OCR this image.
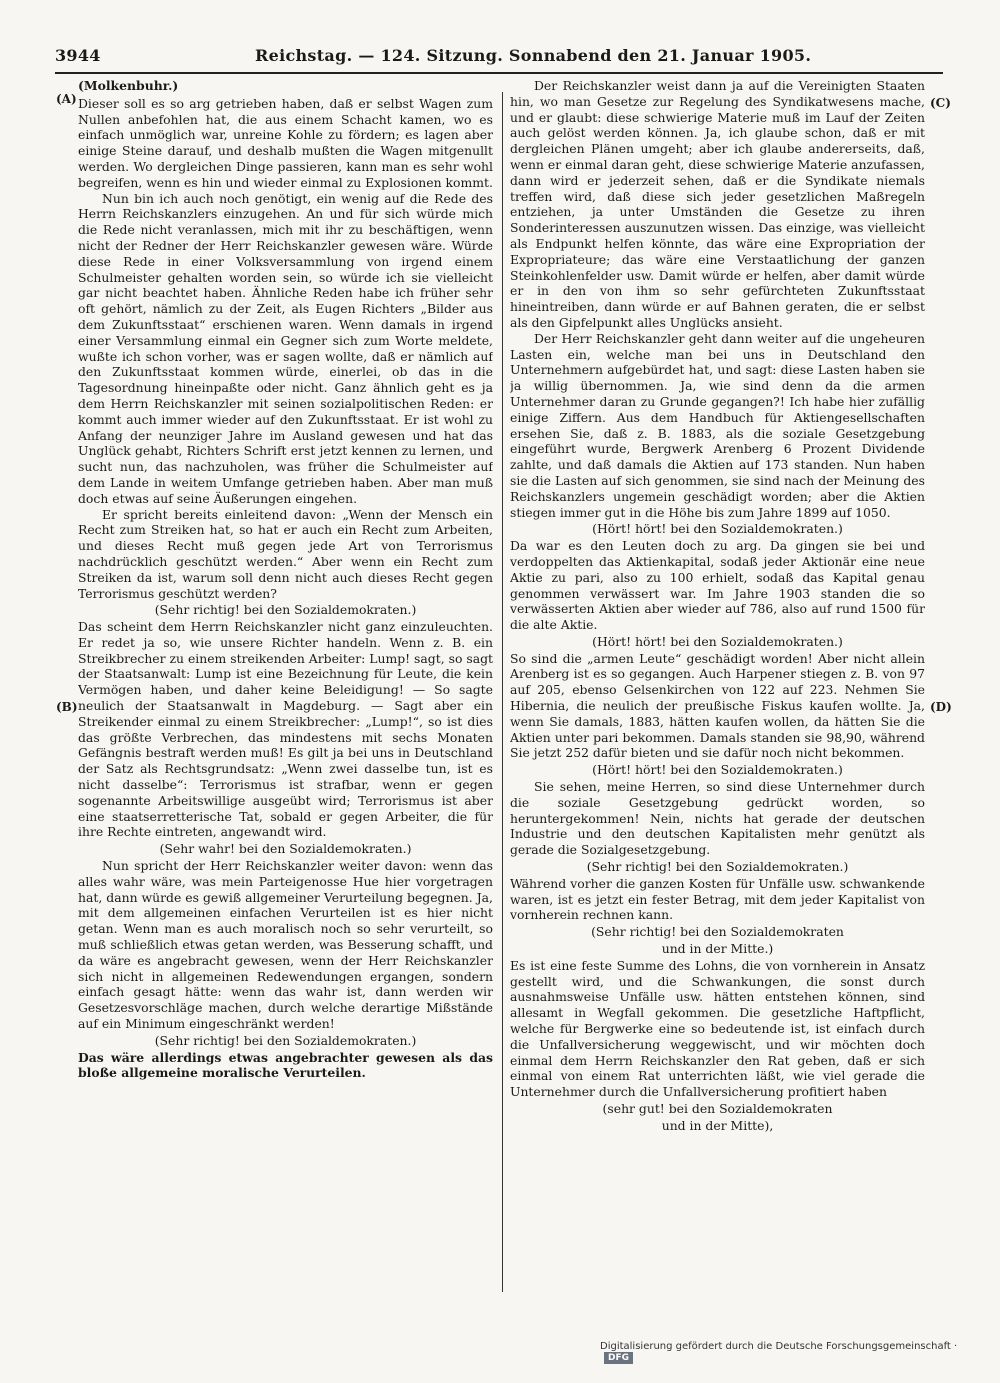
3944	Reichstag. — 124. Sitzung. Sonnabend den 21. Januar 1905.
(A)
(B)
(C)
(D)
(Molkenbuhr.)

Dieser soll es so arg getrieben haben, daß er selbst Wagen zum Nullen anbefohlen hat, die aus einem Schacht kamen, wo es einfach unmöglich war, unreine Kohle zu fördern; es lagen aber einige Steine darauf, und deshalb mußten die Wagen mitgenullt werden. Wo dergleichen Dinge passieren, kann man es sehr wohl begreifen, wenn es hin und wieder einmal zu Explosionen kommt.

Nun bin ich auch noch genötigt, ein wenig auf die Rede des Herrn Reichskanzlers einzugehen. An und für sich würde mich die Rede nicht veranlassen, mich mit ihr zu beschäftigen, wenn nicht der Redner der Herr Reichskanzler gewesen wäre. Würde diese Rede in einer Volksversammlung von irgend einem Schulmeister gehalten worden sein, so würde ich sie vielleicht gar nicht beachtet haben. Ähnliche Reden habe ich früher sehr oft gehört, nämlich zu der Zeit, als Eugen Richters „Bilder aus dem Zukunftsstaat“ erschienen waren. Wenn damals in irgend einer Versammlung einmal ein Gegner sich zum Worte meldete, wußte ich schon vorher, was er sagen wollte, daß er nämlich auf den Zukunftsstaat kommen würde, einerlei, ob das in die Tagesordnung hineinpaßte oder nicht. Ganz ähnlich geht es ja dem Herrn Reichskanzler mit seinen sozialpolitischen Reden: er kommt auch immer wieder auf den Zukunftsstaat. Er ist wohl zu Anfang der neunziger Jahre im Ausland gewesen und hat das Unglück gehabt, Richters Schrift erst jetzt kennen zu lernen, und sucht nun, das nachzuholen, was früher die Schulmeister auf dem Lande in weitem Umfange getrieben haben. Aber man muß doch etwas auf seine Äußerungen eingehen.

Er spricht bereits einleitend davon: „Wenn der Mensch ein Recht zum Streiken hat, so hat er auch ein Recht zum Arbeiten, und dieses Recht muß gegen jede Art von Terrorismus nachdrücklich geschützt werden.“ Aber wenn ein Recht zum Streiken da ist, warum soll denn nicht auch dieses Recht gegen Terrorismus geschützt werden?

(Sehr richtig! bei den Sozialdemokraten.)

Das scheint dem Herrn Reichskanzler nicht ganz einzuleuchten. Er redet ja so, wie unsere Richter handeln. Wenn z. B. ein Streikbrecher zu einem streikenden Arbeiter: Lump! sagt, so sagt der Staatsanwalt: Lump ist eine Bezeichnung für Leute, die kein Vermögen haben, und daher keine Beleidigung! — So sagte neulich der Staatsanwalt in Magdeburg. — Sagt aber ein Streikender einmal zu einem Streikbrecher: „Lump!“, so ist dies das größte Verbrechen, das mindestens mit sechs Monaten Gefängnis bestraft werden muß! Es gilt ja bei uns in Deutschland der Satz als Rechtsgrundsatz: „Wenn zwei dasselbe tun, ist es nicht dasselbe“: Terrorismus ist strafbar, wenn er gegen sogenannte Arbeitswillige ausgeübt wird; Terrorismus ist aber eine staatserretterische Tat, sobald er gegen Arbeiter, die für ihre Rechte eintreten, angewandt wird.

(Sehr wahr! bei den Sozialdemokraten.)

Nun spricht der Herr Reichskanzler weiter davon: wenn das alles wahr wäre, was mein Parteigenosse Hue hier vorgetragen hat, dann würde es gewiß allgemeiner Verurteilung begegnen. Ja, mit dem allgemeinen einfachen Verurteilen ist es hier nicht getan. Wenn man es auch moralisch noch so sehr verurteilt, so muß schließlich etwas getan werden, was Besserung schafft, und da wäre es angebracht gewesen, wenn der Herr Reichskanzler sich nicht in allgemeinen Redewendungen ergangen, sondern einfach gesagt hätte: wenn das wahr ist, dann werden wir Gesetzesvorschläge machen, durch welche derartige Mißstände auf ein Minimum eingeschränkt werden!

(Sehr richtig! bei den Sozialdemokraten.)

Das wäre allerdings etwas angebrachter gewesen als das bloße allgemeine moralische Verurteilen.

Der Reichskanzler weist dann ja auf die Vereinigten Staaten hin, wo man Gesetze zur Regelung des Syndikatwesens mache, und er glaubt: diese schwierige Materie muß im Lauf der Zeiten auch gelöst werden können. Ja, ich glaube schon, daß er mit dergleichen Plänen umgeht; aber ich glaube andererseits, daß, wenn er einmal daran geht, diese schwierige Materie anzufassen, dann wird er jederzeit sehen, daß er die Syndikate niemals treffen wird, daß diese sich jeder gesetzlichen Maßregeln entziehen, ja unter Umständen die Gesetze zu ihren Sonderinteressen auszunutzen wissen. Das einzige, was vielleicht als Endpunkt helfen könnte, das wäre eine Expropriation der Expropriateure; das wäre eine Verstaatlichung der ganzen Steinkohlenfelder usw. Damit würde er helfen, aber damit würde er in den von ihm so sehr gefürchteten Zukunftsstaat hineintreiben, dann würde er auf Bahnen geraten, die er selbst als den Gipfelpunkt alles Unglücks ansieht.

Der Herr Reichskanzler geht dann weiter auf die ungeheuren Lasten ein, welche man bei uns in Deutschland den Unternehmern aufgebürdet hat, und sagt: diese Lasten haben sie ja willig übernommen. Ja, wie sind denn da die armen Unternehmer daran zu Grunde gegangen?! Ich habe hier zufällig einige Ziffern. Aus dem Handbuch für Aktiengesellschaften ersehen Sie, daß z. B. 1883, als die soziale Gesetzgebung eingeführt wurde, Bergwerk Arenberg 6 Prozent Dividende zahlte, und daß damals die Aktien auf 173 standen. Nun haben sie die Lasten auf sich genommen, sie sind nach der Meinung des Reichskanzlers ungemein geschädigt worden; aber die Aktien stiegen immer gut in die Höhe bis zum Jahre 1899 auf 1050.

(Hört! hört! bei den Sozialdemokraten.)

Da war es den Leuten doch zu arg. Da gingen sie bei und verdoppelten das Aktienkapital, sodaß jeder Aktionär eine neue Aktie zu pari, also zu 100 erhielt, sodaß das Kapital genau genommen verwässert war. Im Jahre 1903 standen die so verwässerten Aktien aber wieder auf 786, also auf rund 1500 für die alte Aktie.

(Hört! hört! bei den Sozialdemokraten.)

So sind die „armen Leute“ geschädigt worden! Aber nicht allein Arenberg ist es so gegangen. Auch Harpener stiegen z. B. von 97 auf 205, ebenso Gelsenkirchen von 122 auf 223. Nehmen Sie Hibernia, die neulich der preußische Fiskus kaufen wollte. Ja, wenn Sie damals, 1883, hätten kaufen wollen, da hätten Sie die Aktien unter pari bekommen. Damals standen sie 98,90, während Sie jetzt 252 dafür bieten und sie dafür noch nicht bekommen.

(Hört! hört! bei den Sozialdemokraten.)

Sie sehen, meine Herren, so sind diese Unternehmer durch die soziale Gesetzgebung gedrückt worden, so heruntergekommen! Nein, nichts hat gerade der deutschen Industrie und den deutschen Kapitalisten mehr genützt als gerade die Sozialgesetzgebung.

(Sehr richtig! bei den Sozialdemokraten.)

Während vorher die ganzen Kosten für Unfälle usw. schwankende waren, ist es jetzt ein fester Betrag, mit dem jeder Kapitalist von vornherein rechnen kann.

(Sehr richtig! bei den Sozialdemokraten

und in der Mitte.)

Es ist eine feste Summe des Lohns, die von vornherein in Ansatz gestellt wird, und die Schwankungen, die sonst durch ausnahmsweise Unfälle usw. hätten entstehen können, sind allesamt in Wegfall gekommen. Die gesetzliche Haftpflicht, welche für Bergwerke eine so bedeutende ist, ist einfach durch die Unfallversicherung weggewischt, und wir möchten doch einmal dem Herrn Reichskanzler den Rat geben, daß er sich einmal von einem Rat unterrichten läßt, wie viel gerade die Unternehmer durch die Unfallversicherung profitiert haben

(sehr gut! bei den Sozialdemokraten

und in der Mitte),

Digitalisierung gefördert durch die Deutsche Forschungsgemeinschaft · DFG
